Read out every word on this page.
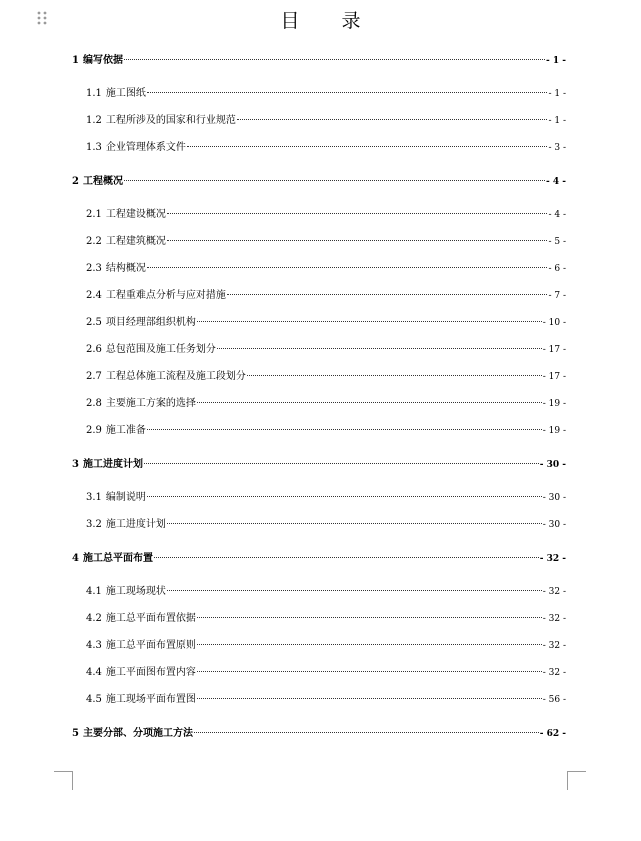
目 录
1 编写依据	- 1 -
1.1 施工图纸	- 1 -
1.2 工程所涉及的国家和行业规范	- 1 -
1.3 企业管理体系文件	- 3 -
2 工程概况	- 4 -
2.1 工程建设概况	- 4 -
2.2 工程建筑概况	- 5 -
2.3 结构概况	- 6 -
2.4 工程重难点分析与应对措施	- 7 -
2.5 项目经理部组织机构	- 10 -
2.6 总包范围及施工任务划分	- 17 -
2.7 工程总体施工流程及施工段划分	- 17 -
2.8 主要施工方案的选择	- 19 -
2.9 施工准备	- 19 -
3 施工进度计划	- 30 -
3.1 编制说明	- 30 -
3.2 施工进度计划	- 30 -
4 施工总平面布置	- 32 -
4.1 施工现场现状	- 32 -
4.2 施工总平面布置依据	- 32 -
4.3 施工总平面布置原则	- 32 -
4.4 施工平面图布置内容	- 32 -
4.5 施工现场平面布置图	- 56 -
5 主要分部、分项施工方法	- 62 -
